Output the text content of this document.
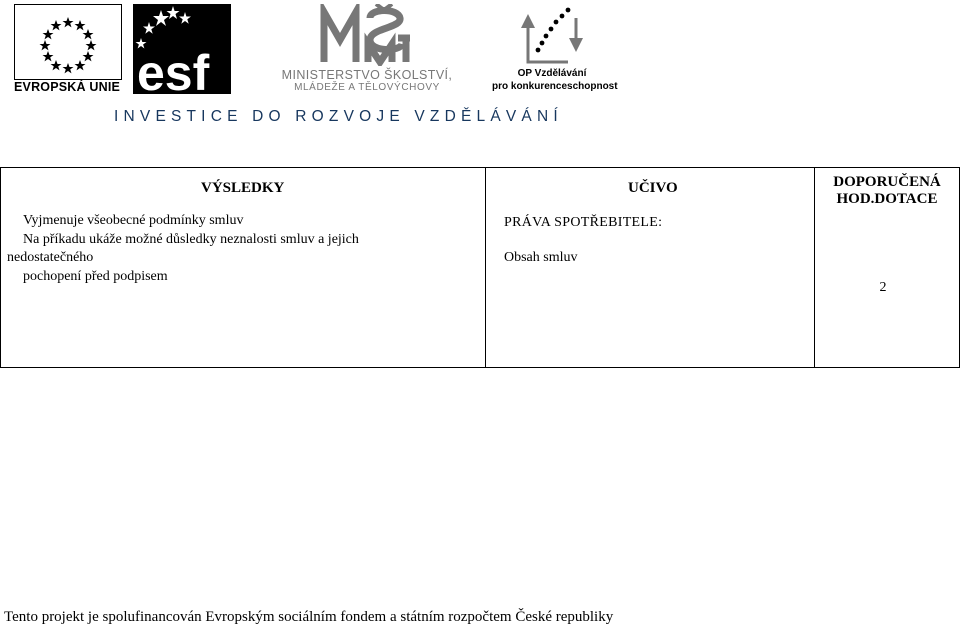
EVROPSKÁ UNIE esf	MINISTERSTVO ŠKOLSTVÍ,
MLÁDEŽE A TĚLOVÝCHOVY
OP Vzdělávání
pro konkurenceschopnost
INVESTICE DO ROZVOJE VZDĚLÁVÁNÍ
VÝSLEDKY
Vyjmenuje všeobecné podmínky smluv
Na příkadu ukáže možné důsledky neznalosti smluv a jejich
nedostatečného
pochopení před podpisem
UČIVO
PRÁVA SPOTŘEBITELE:
Obsah smluv
DOPORUČENÁ HOD.DOTACE
2
Tento projekt je spolufinancován Evropským sociálním fondem a státním rozpočtem České republiky
